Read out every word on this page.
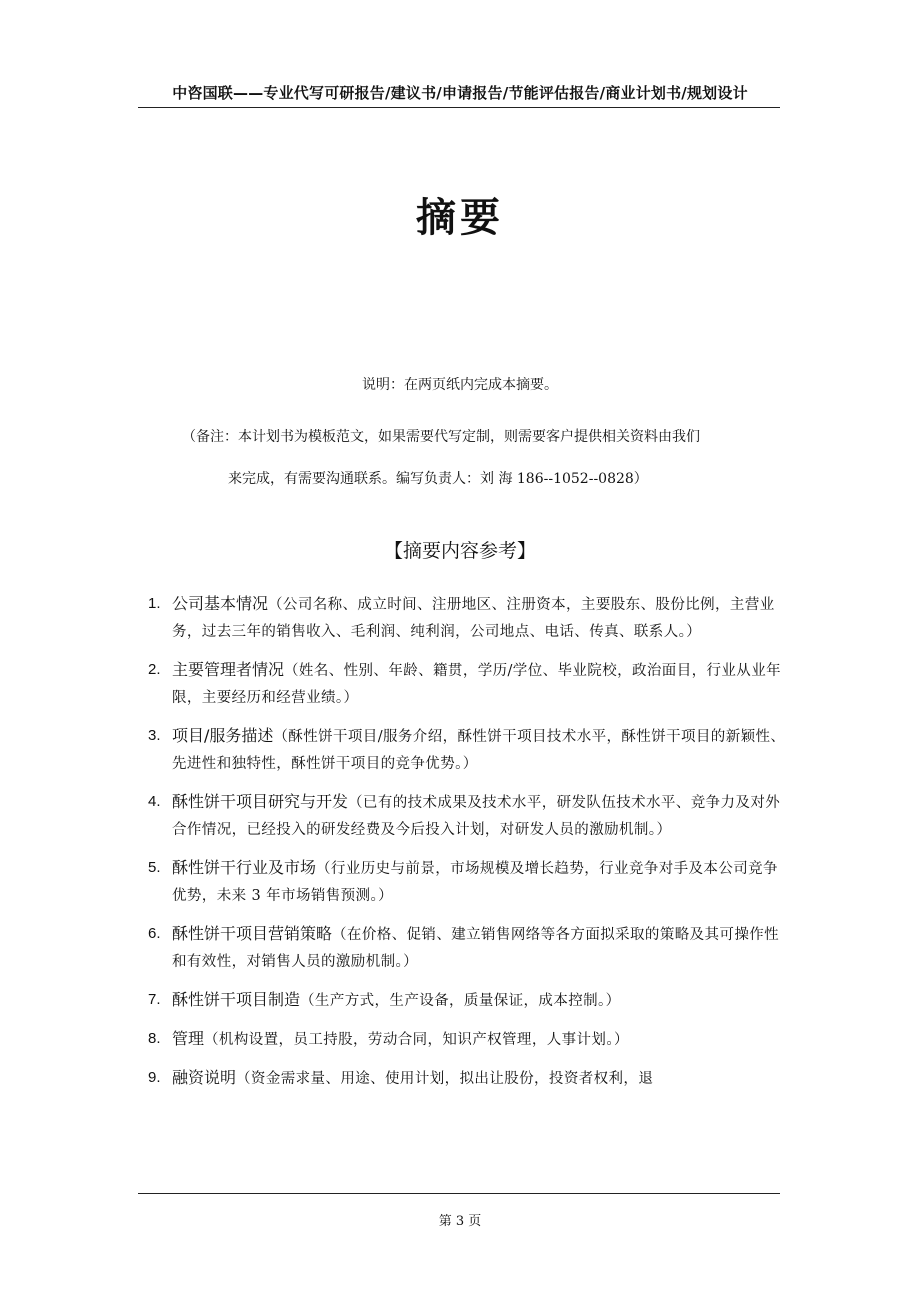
中咨国联——专业代写可研报告/建议书/申请报告/节能评估报告/商业计划书/规划设计
摘要
说明：在两页纸内完成本摘要。
（备注：本计划书为模板范文，如果需要代写定制，则需要客户提供相关资料由我们
来完成，有需要沟通联系。编写负责人：刘 海 186--1052--0828）
【摘要内容参考】
1. 公司基本情况（公司名称、成立时间、注册地区、注册资本，主要股东、股份比例，主营业务，过去三年的销售收入、毛利润、纯利润，公司地点、电话、传真、联系人。）
2. 主要管理者情况（姓名、性别、年龄、籍贯，学历/学位、毕业院校，政治面目，行业从业年限，主要经历和经营业绩。）
3. 项目/服务描述（酥性饼干项目/服务介绍，酥性饼干项目技术水平，酥性饼干项目的新颖性、先进性和独特性，酥性饼干项目的竞争优势。）
4. 酥性饼干项目研究与开发（已有的技术成果及技术水平，研发队伍技术水平、竞争力及对外合作情况，已经投入的研发经费及今后投入计划，对研发人员的激励机制。）
5. 酥性饼干行业及市场（行业历史与前景，市场规模及增长趋势，行业竞争对手及本公司竞争优势，未来 3 年市场销售预测。）
6. 酥性饼干项目营销策略（在价格、促销、建立销售网络等各方面拟采取的策略及其可操作性和有效性，对销售人员的激励机制。）
7. 酥性饼干项目制造（生产方式，生产设备，质量保证，成本控制。）
8. 管理（机构设置，员工持股，劳动合同，知识产权管理，人事计划。）
9. 融资说明（资金需求量、用途、使用计划，拟出让股份，投资者权利，退
第 3 页
